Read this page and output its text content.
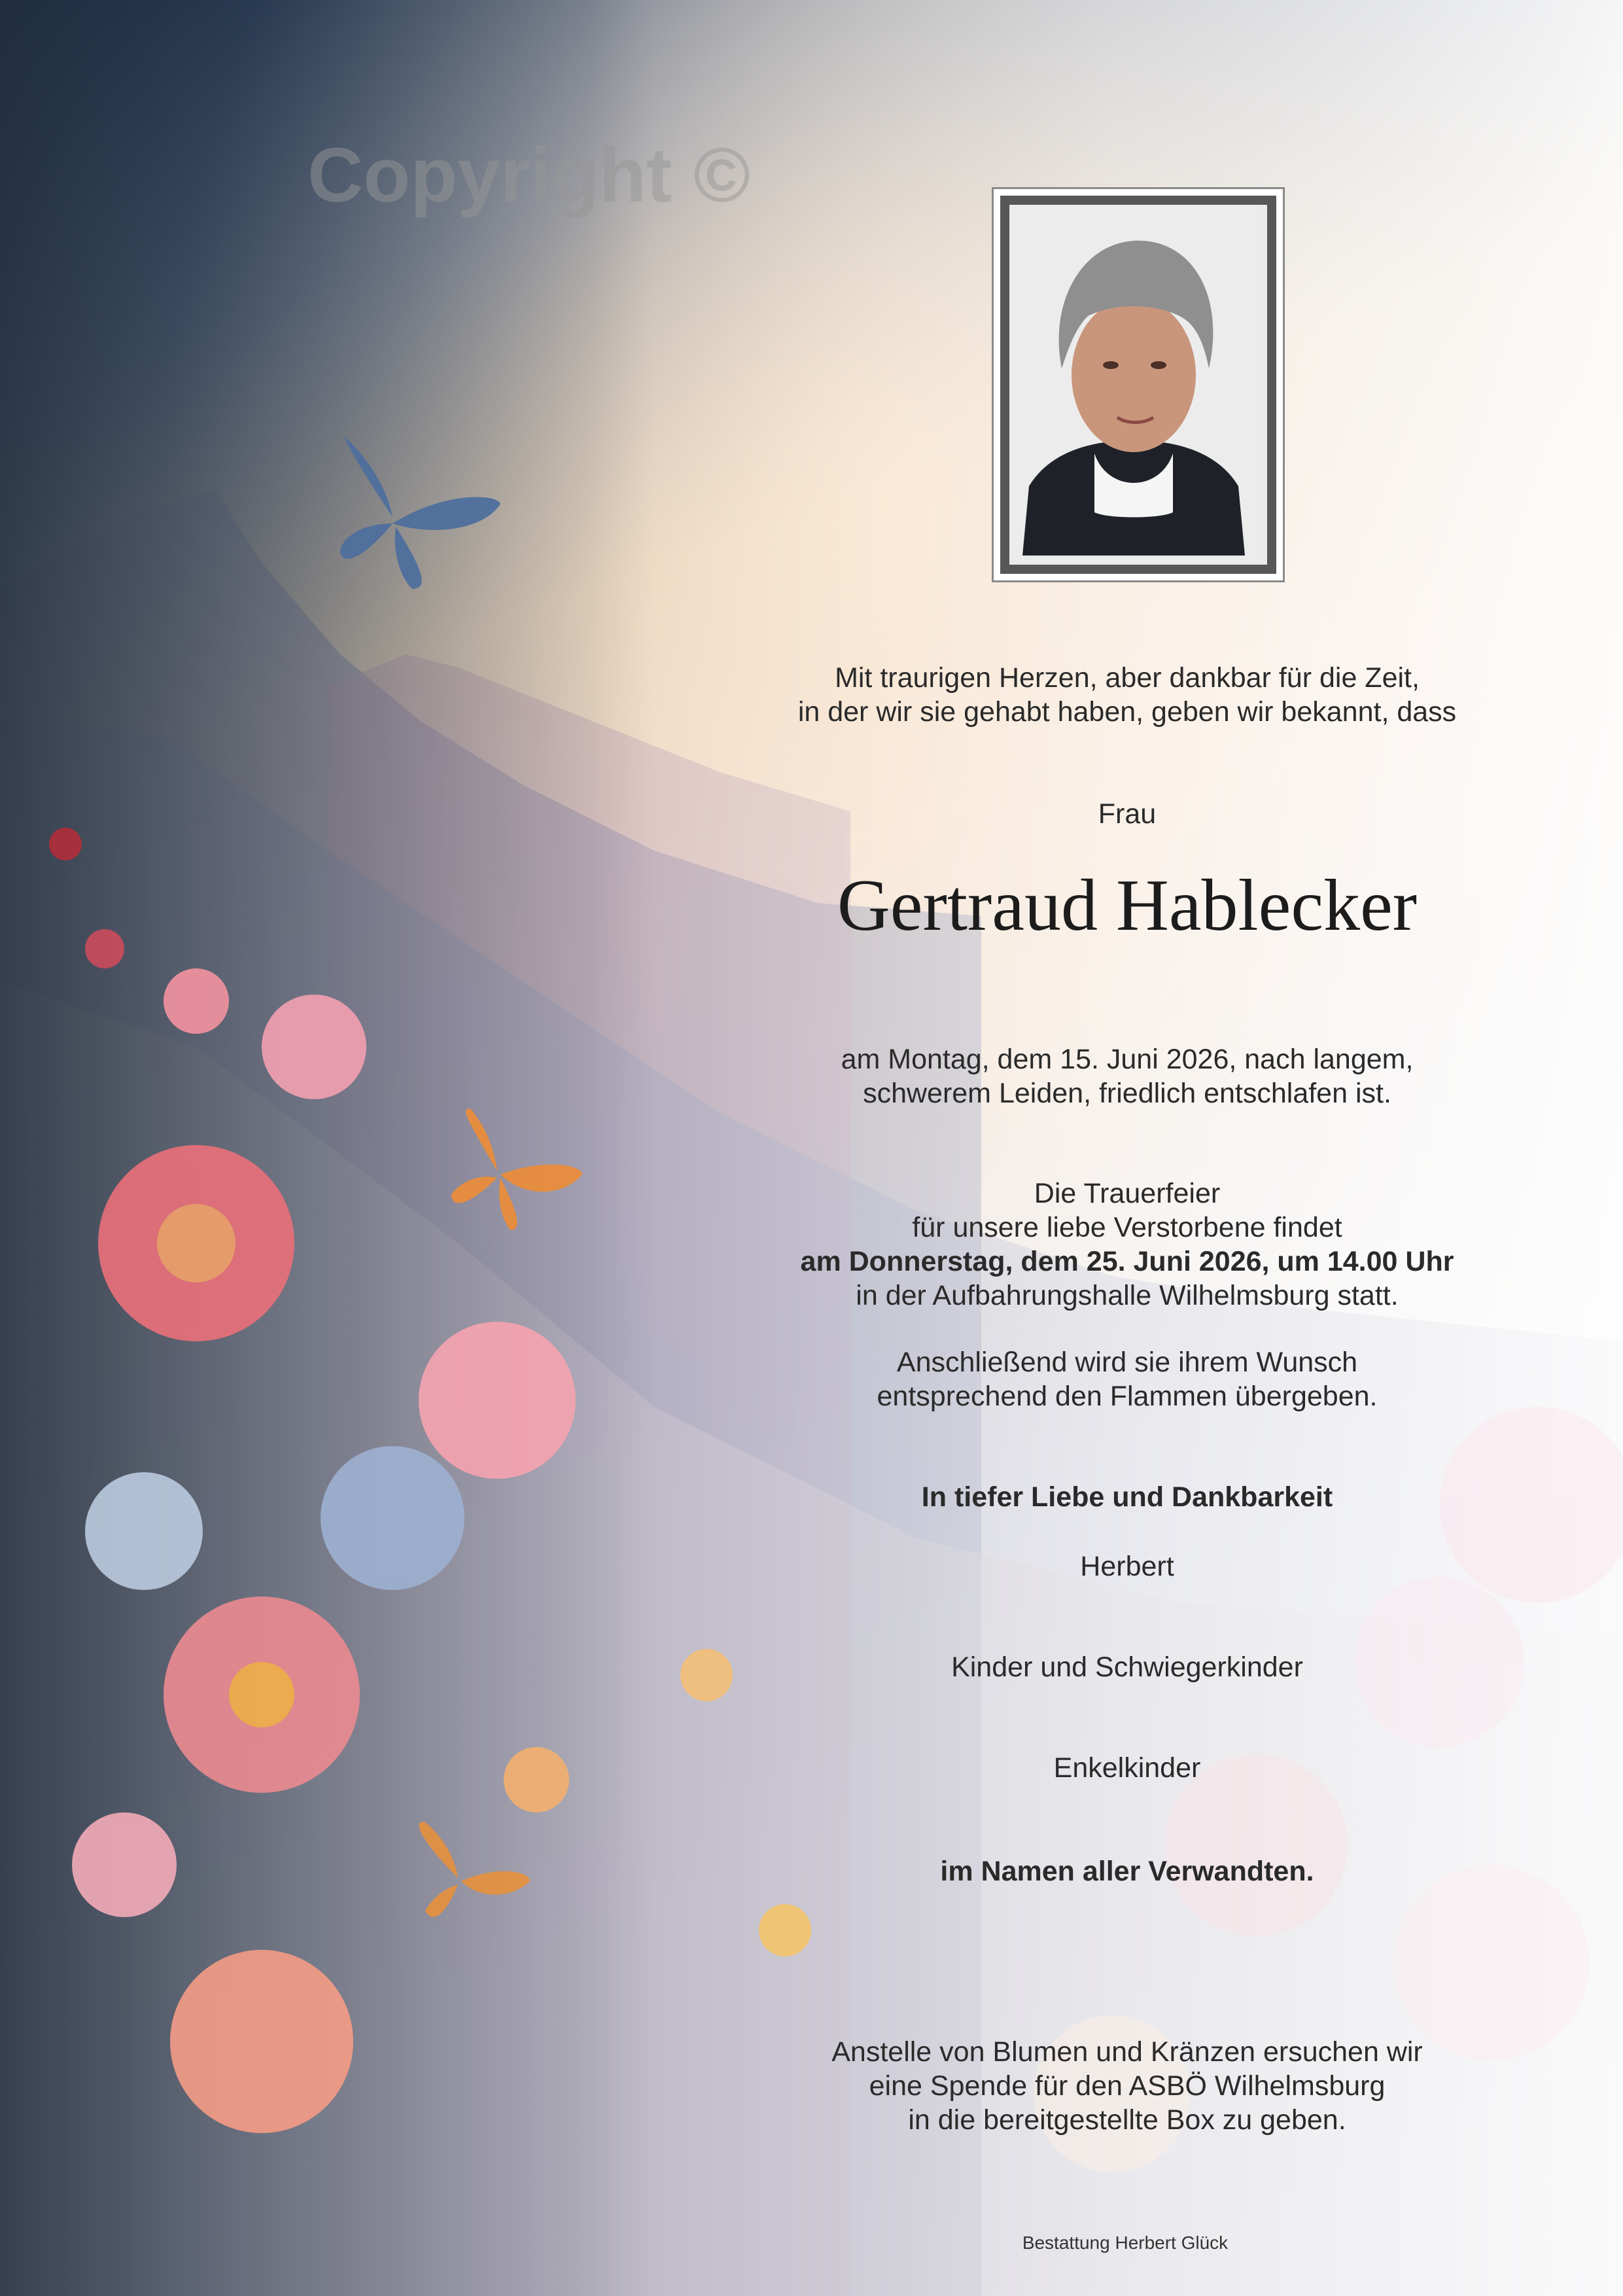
Copyright ©
Mit traurigen Herzen, aber dankbar für die Zeit,
in der wir sie gehabt haben, geben wir bekannt, dass
Frau
Gertraud Hablecker
am Montag, dem 15. Juni 2026, nach langem,
schwerem Leiden, friedlich entschlafen ist.
Die Trauerfeier
für unsere liebe Verstorbene findet
am Donnerstag, dem 25. Juni 2026, um 14.00 Uhr
in der Aufbahrungshalle Wilhelmsburg statt.
Anschließend wird sie ihrem Wunsch
entsprechend den Flammen übergeben.
In tiefer Liebe und Dankbarkeit
Herbert
Kinder und Schwiegerkinder
Enkelkinder
im Namen aller Verwandten.
Anstelle von Blumen und Kränzen ersuchen wir
eine Spende für den ASBÖ Wilhelmsburg
in die bereitgestellte Box zu geben.
Bestattung Herbert Glück
